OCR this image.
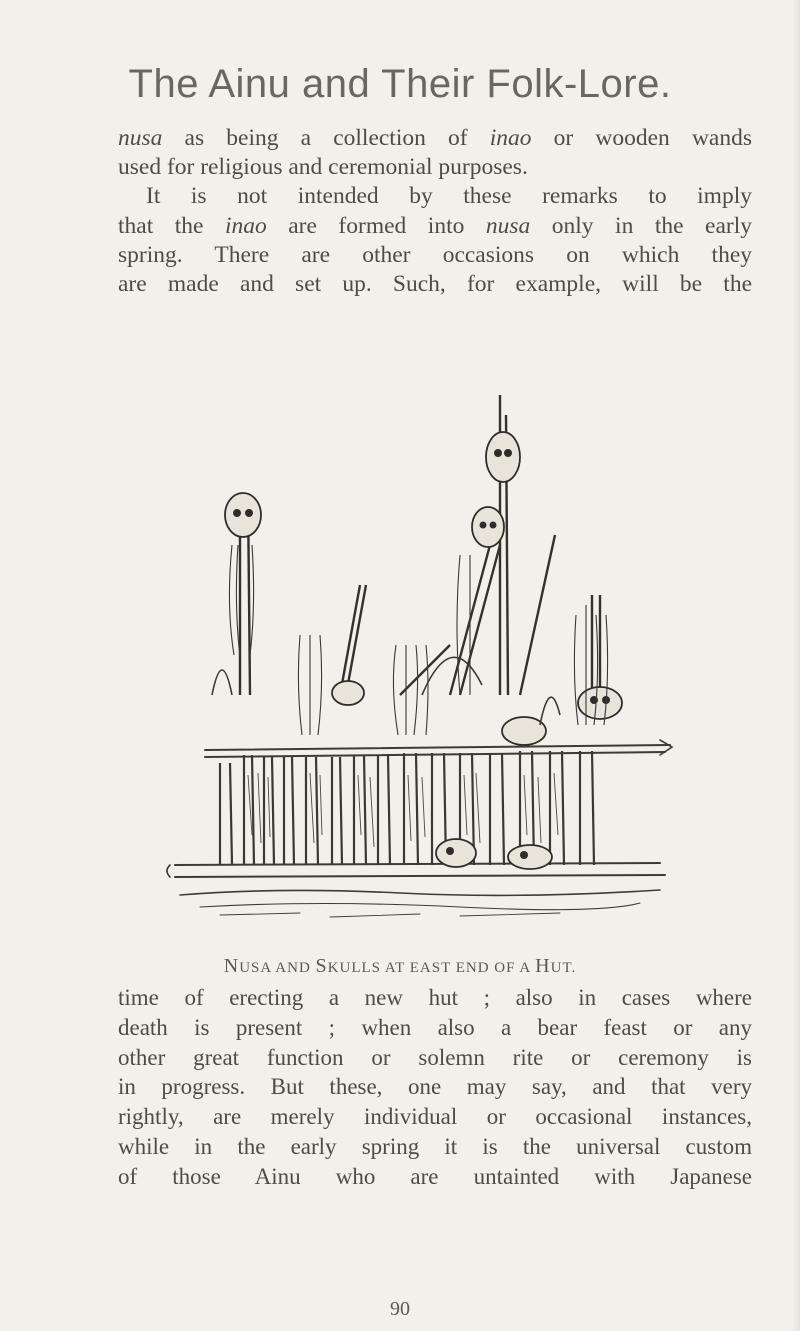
The Ainu and Their Folk-Lore.
nusa as being a collection of inao or wooden wands
used for religious and ceremonial purposes.
It is not intended by these remarks to imply
that the inao are formed into nusa only in the early
spring. There are other occasions on which they
are made and set up. Such, for example, will be the
NUSA AND SKULLS AT EAST END OF A HUT.
time of erecting a new hut ; also in cases where
death is present ; when also a bear feast or any
other great function or solemn rite or ceremony is
in progress. But these, one may say, and that very
rightly, are merely individual or occasional instances,
while in the early spring it is the universal custom
of those Ainu who are untainted with Japanese
90
